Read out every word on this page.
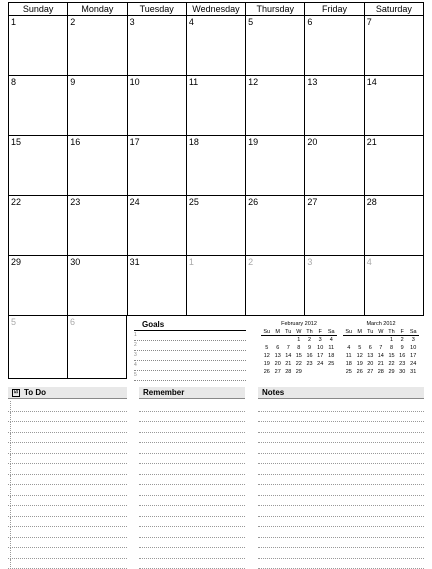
Sunday	Monday	Tuesday	Wednesday	Thursday	Friday	Saturday
1	2	3	4	5	6	7
8	9	10	11	12	13	14
15	16	17	18	19	20	21
22	23	24	25	26	27	28
29	30	31	1	2	3	4
5	6	Goals
1
2
3
4
5
February 2012
Su	M	Tu	W	Th	F	Sa
			1	2	3	4
5	6	7	8	9	10	11
12	13	14	15	16	17	18
19	20	21	22	23	24	25
26	27	28	29			
March 2012
Su	M	Tu	W	Th	F	Sa
				1	2	3
4	5	6	7	8	9	10
11	12	13	14	15	16	17
18	19	20	21	22	23	24
25	26	27	28	29	30	31
☑ To Do	Remember	Notes
